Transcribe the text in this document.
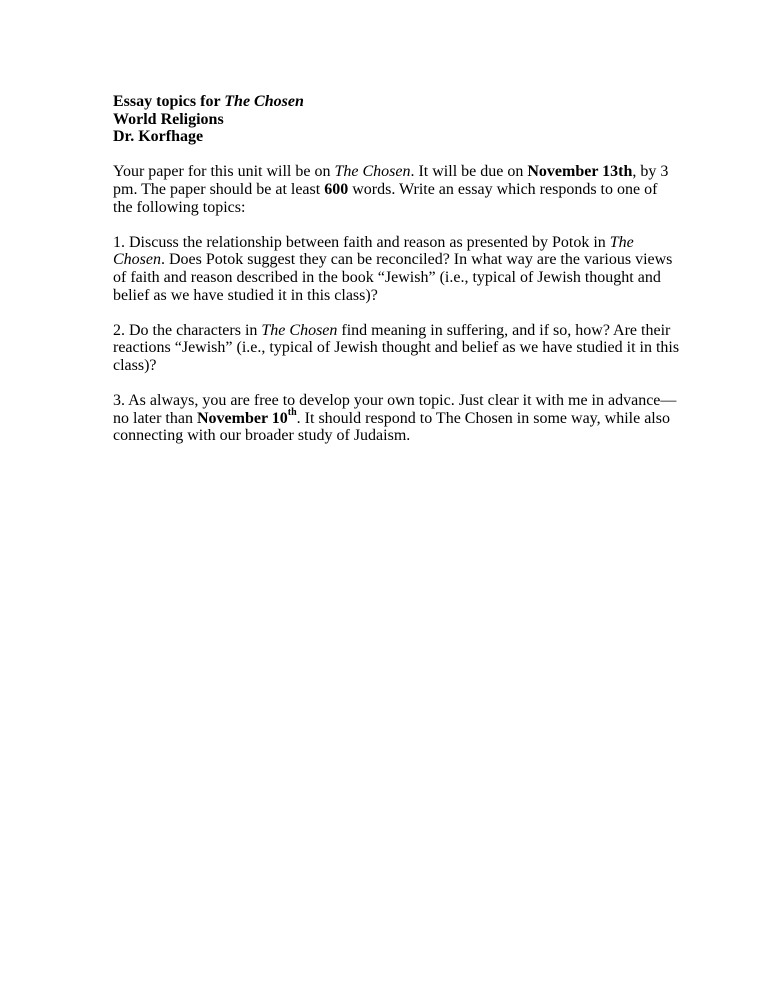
Essay topics for The Chosen
World Religions
Dr. Korfhage
Your paper for this unit will be on The Chosen. It will be due on November 13th, by 3
pm. The paper should be at least 600 words. Write an essay which responds to one of
the following topics:
1. Discuss the relationship between faith and reason as presented by Potok in The
Chosen. Does Potok suggest they can be reconciled? In what way are the various views
of faith and reason described in the book “Jewish” (i.e., typical of Jewish thought and
belief as we have studied it in this class)?
2. Do the characters in The Chosen find meaning in suffering, and if so, how? Are their
reactions “Jewish” (i.e., typical of Jewish thought and belief as we have studied it in this
class)?
3. As always, you are free to develop your own topic. Just clear it with me in advance—
no later than November 10th. It should respond to The Chosen in some way, while also
connecting with our broader study of Judaism.
